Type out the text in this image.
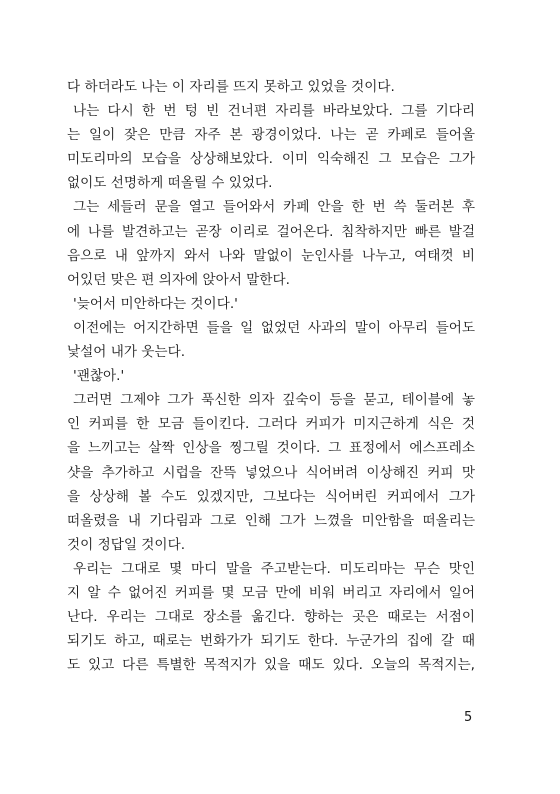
다 하더라도 나는 이 자리를 뜨지 못하고 있었을 것이다.
나는 다시 한 번 텅 빈 건너편 자리를 바라보았다. 그를 기다리
는 일이 잦은 만큼 자주 본 광경이었다. 나는 곧 카페로 들어올
미도리마의 모습을 상상해보았다. 이미 익숙해진 그 모습은 그가
없이도 선명하게 떠올릴 수 있었다.
그는 세들러 문을 열고 들어와서 카페 안을 한 번 쓱 둘러본 후
에 나를 발견하고는 곧장 이리로 걸어온다. 침착하지만 빠른 발걸
음으로 내 앞까지 와서 나와 말없이 눈인사를 나누고, 여태껏 비
어있던 맞은 편 의자에 앉아서 말한다.
'늦어서 미안하다는 것이다.'
이전에는 어지간하면 들을 일 없었던 사과의 말이 아무리 들어도
낯설어 내가 웃는다.
'괜찮아.'
그러면 그제야 그가 푹신한 의자 깊숙이 등을 묻고, 테이블에 놓
인 커피를 한 모금 들이킨다. 그러다 커피가 미지근하게 식은 것
을 느끼고는 살짝 인상을 찡그릴 것이다. 그 표정에서 에스프레소
샷을 추가하고 시럽을 잔뜩 넣었으나 식어버려 이상해진 커피 맛
을 상상해 볼 수도 있겠지만, 그보다는 식어버린 커피에서 그가
떠올렸을 내 기다림과 그로 인해 그가 느꼈을 미안함을 떠올리는
것이 정답일 것이다.
우리는 그대로 몇 마디 말을 주고받는다. 미도리마는 무슨 맛인
지 알 수 없어진 커피를 몇 모금 만에 비워 버리고 자리에서 일어
난다. 우리는 그대로 장소를 옮긴다. 향하는 곳은 때로는 서점이
되기도 하고, 때로는 번화가가 되기도 한다. 누군가의 집에 갈 때
도 있고 다른 특별한 목적지가 있을 때도 있다. 오늘의 목적지는,
5
